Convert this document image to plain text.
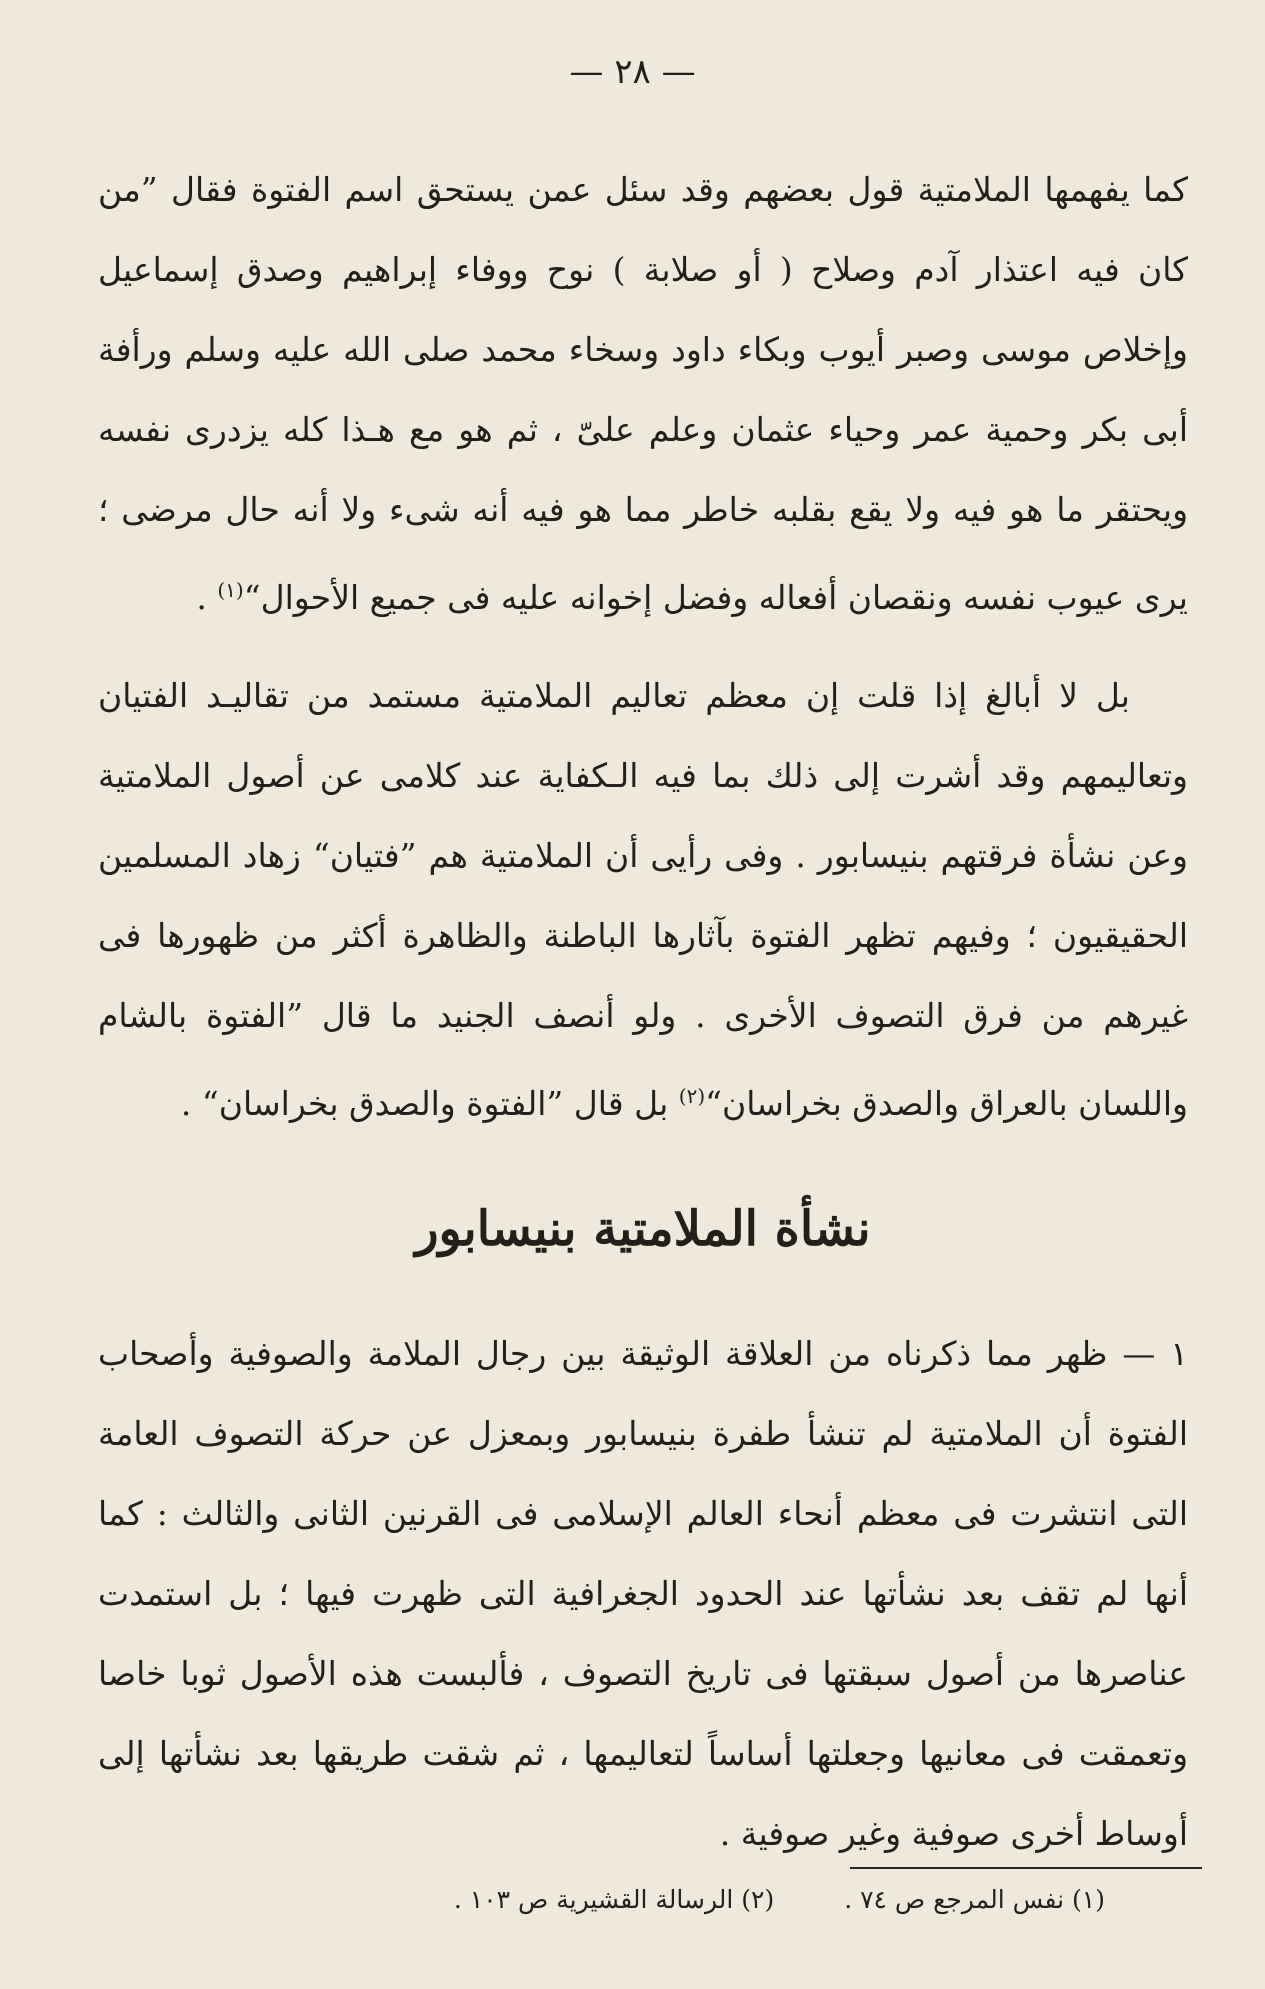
— ٢٨ —

كما يفهمها الملامتية قول بعضهم وقد سئل عمن يستحق اسم الفتوة فقال ”من كان فيه اعتذار آدم وصلاح ( أو صلابة ) نوح ووفاء إبراهيم وصدق إسماعيل وإخلاص موسى وصبر أيوب وبكاء داود وسخاء محمد صلى الله عليه وسلم ورأفة أبى بكر وحمية عمر وحياء عثمان وعلم علىّ ، ثم هو مع هـذا كله يزدرى نفسه ويحتقر ما هو فيه ولا يقع بقلبه خاطر مما هو فيه أنه شىء ولا أنه حال مرضى ؛ يرى عيوب نفسه ونقصان أفعاله وفضل إخوانه عليه فى جميع الأحوال“$^{(١)}$ .

بل لا أبالغ إذا قلت إن معظم تعاليم الملامتية مستمد من تقاليـد الفتيان وتعاليمهم وقد أشرت إلى ذلك بما فيه الـكفاية عند كلامى عن أصول الملامتية وعن نشأة فرقتهم بنيسابور . وفى رأيى أن الملامتية هم ”فتيان“ زهاد المسلمين الحقيقيون ؛ وفيهم تظهر الفتوة بآثارها الباطنة والظاهرة أكثر من ظهورها فى غيرهم من فرق التصوف الأخرى . ولو أنصف الجنيد ما قال ”الفتوة بالشام واللسان بالعراق والصدق بخراسان“$^{(٢)}$ بل قال ”الفتوة والصدق بخراسان“ .

نشأة الملامتية بنيسابور

١ — ظهر مما ذكرناه من العلاقة الوثيقة بين رجال الملامة والصوفية وأصحاب الفتوة أن الملامتية لم تنشأ طفرة بنيسابور وبمعزل عن حركة التصوف العامة التى انتشرت فى معظم أنحاء العالم الإسلامى فى القرنين الثانى والثالث : كما أنها لم تقف بعد نشأتها عند الحدود الجغرافية التى ظهرت فيها ؛ بل استمدت عناصرها من أصول سبقتها فى تاريخ التصوف ، فألبست هذه الأصول ثوبا خاصا وتعمقت فى معانيها وجعلتها أساساً لتعاليمها ، ثم شقت طريقها بعد نشأتها إلى أوساط أخرى صوفية وغير صوفية .

(١) نفس المرجع ص ٧٤ .
(٢) الرسالة القشيرية ص ١٠٣ .
